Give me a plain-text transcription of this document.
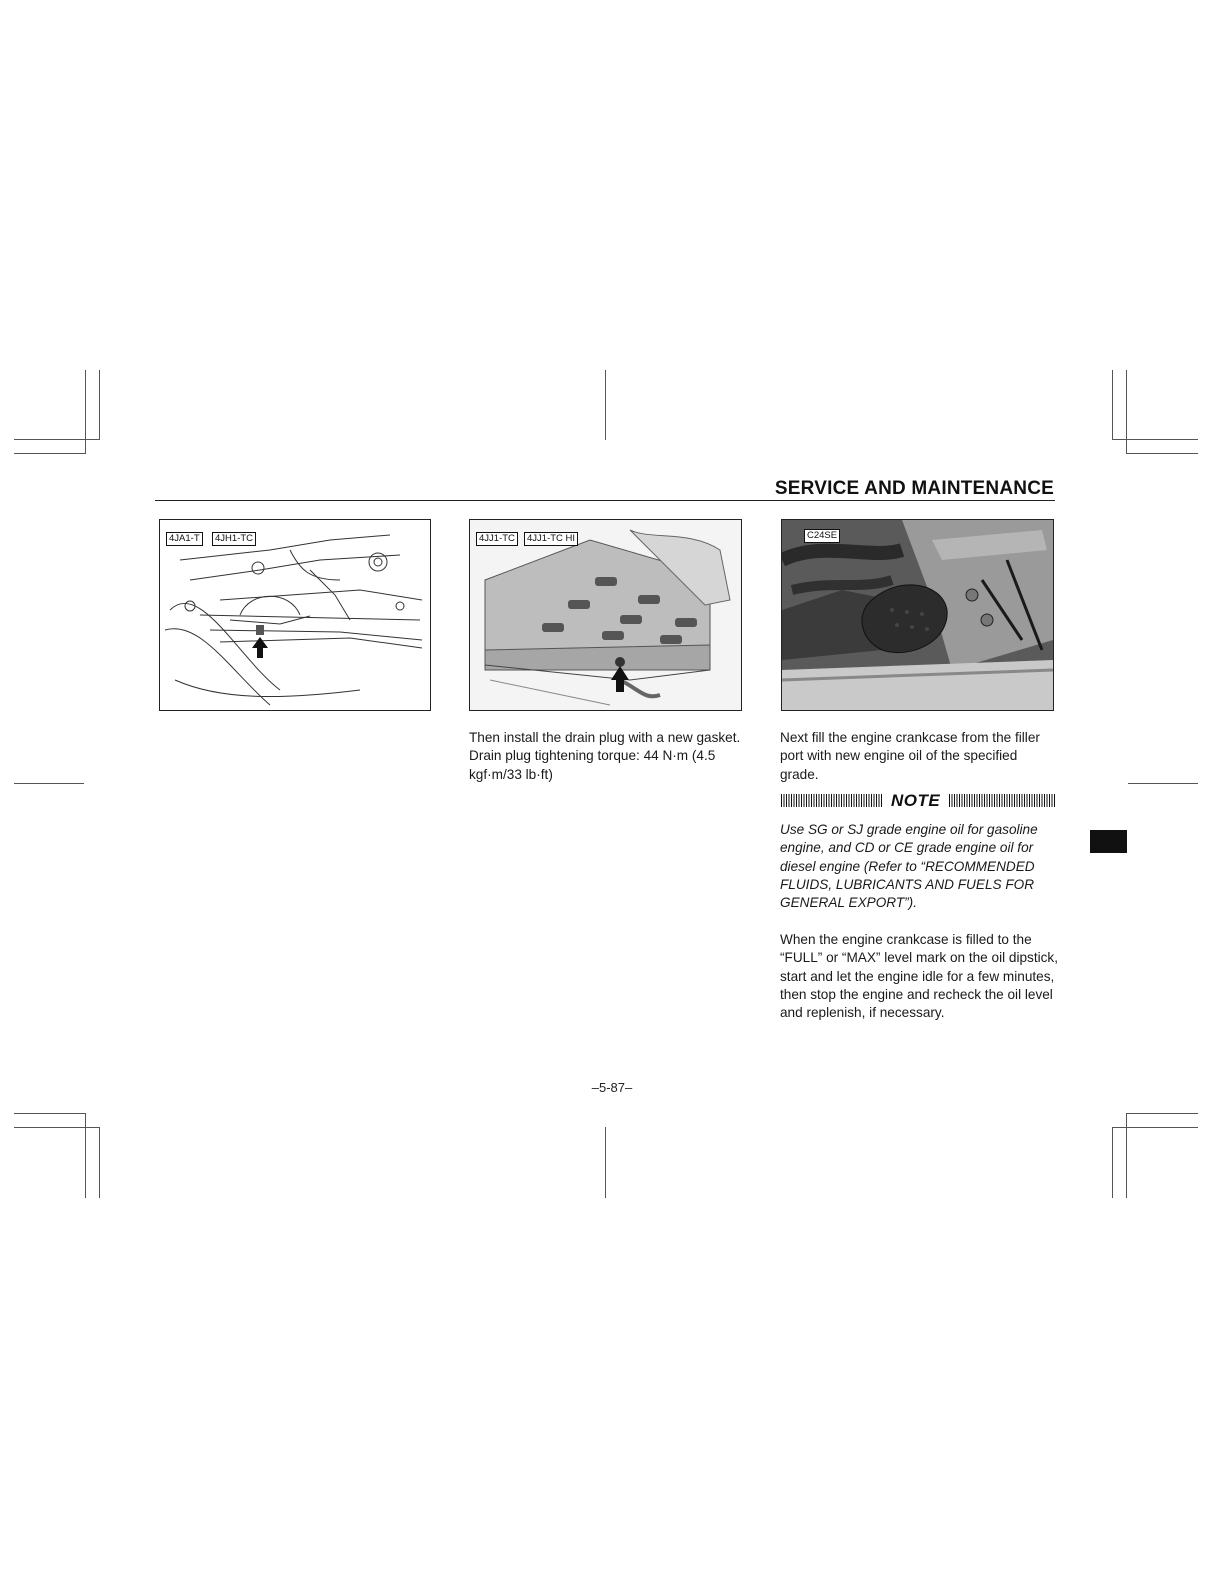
SERVICE AND MAINTENANCE
4JA1-T	4JH1-TC	4JJ1-TC	4JJ1-TC HI	C24SE
Then install the drain plug with a new gasket.
Drain plug tightening torque: 44 N·m (4.5 kgf·m/33 lb·ft)
Next fill the engine crankcase from the filler port with new engine oil of the specified grade.
NOTE
Use SG or SJ grade engine oil for gasoline engine, and CD or CE grade engine oil for diesel engine (Refer to “RECOMMENDED FLUIDS, LUBRICANTS AND FUELS FOR GENERAL EXPORT”).
When the engine crankcase is filled to the “FULL” or “MAX” level mark on the oil dipstick, start and let the engine idle for a few minutes, then stop the engine and recheck the oil level and replenish, if necessary.
–5-87–
